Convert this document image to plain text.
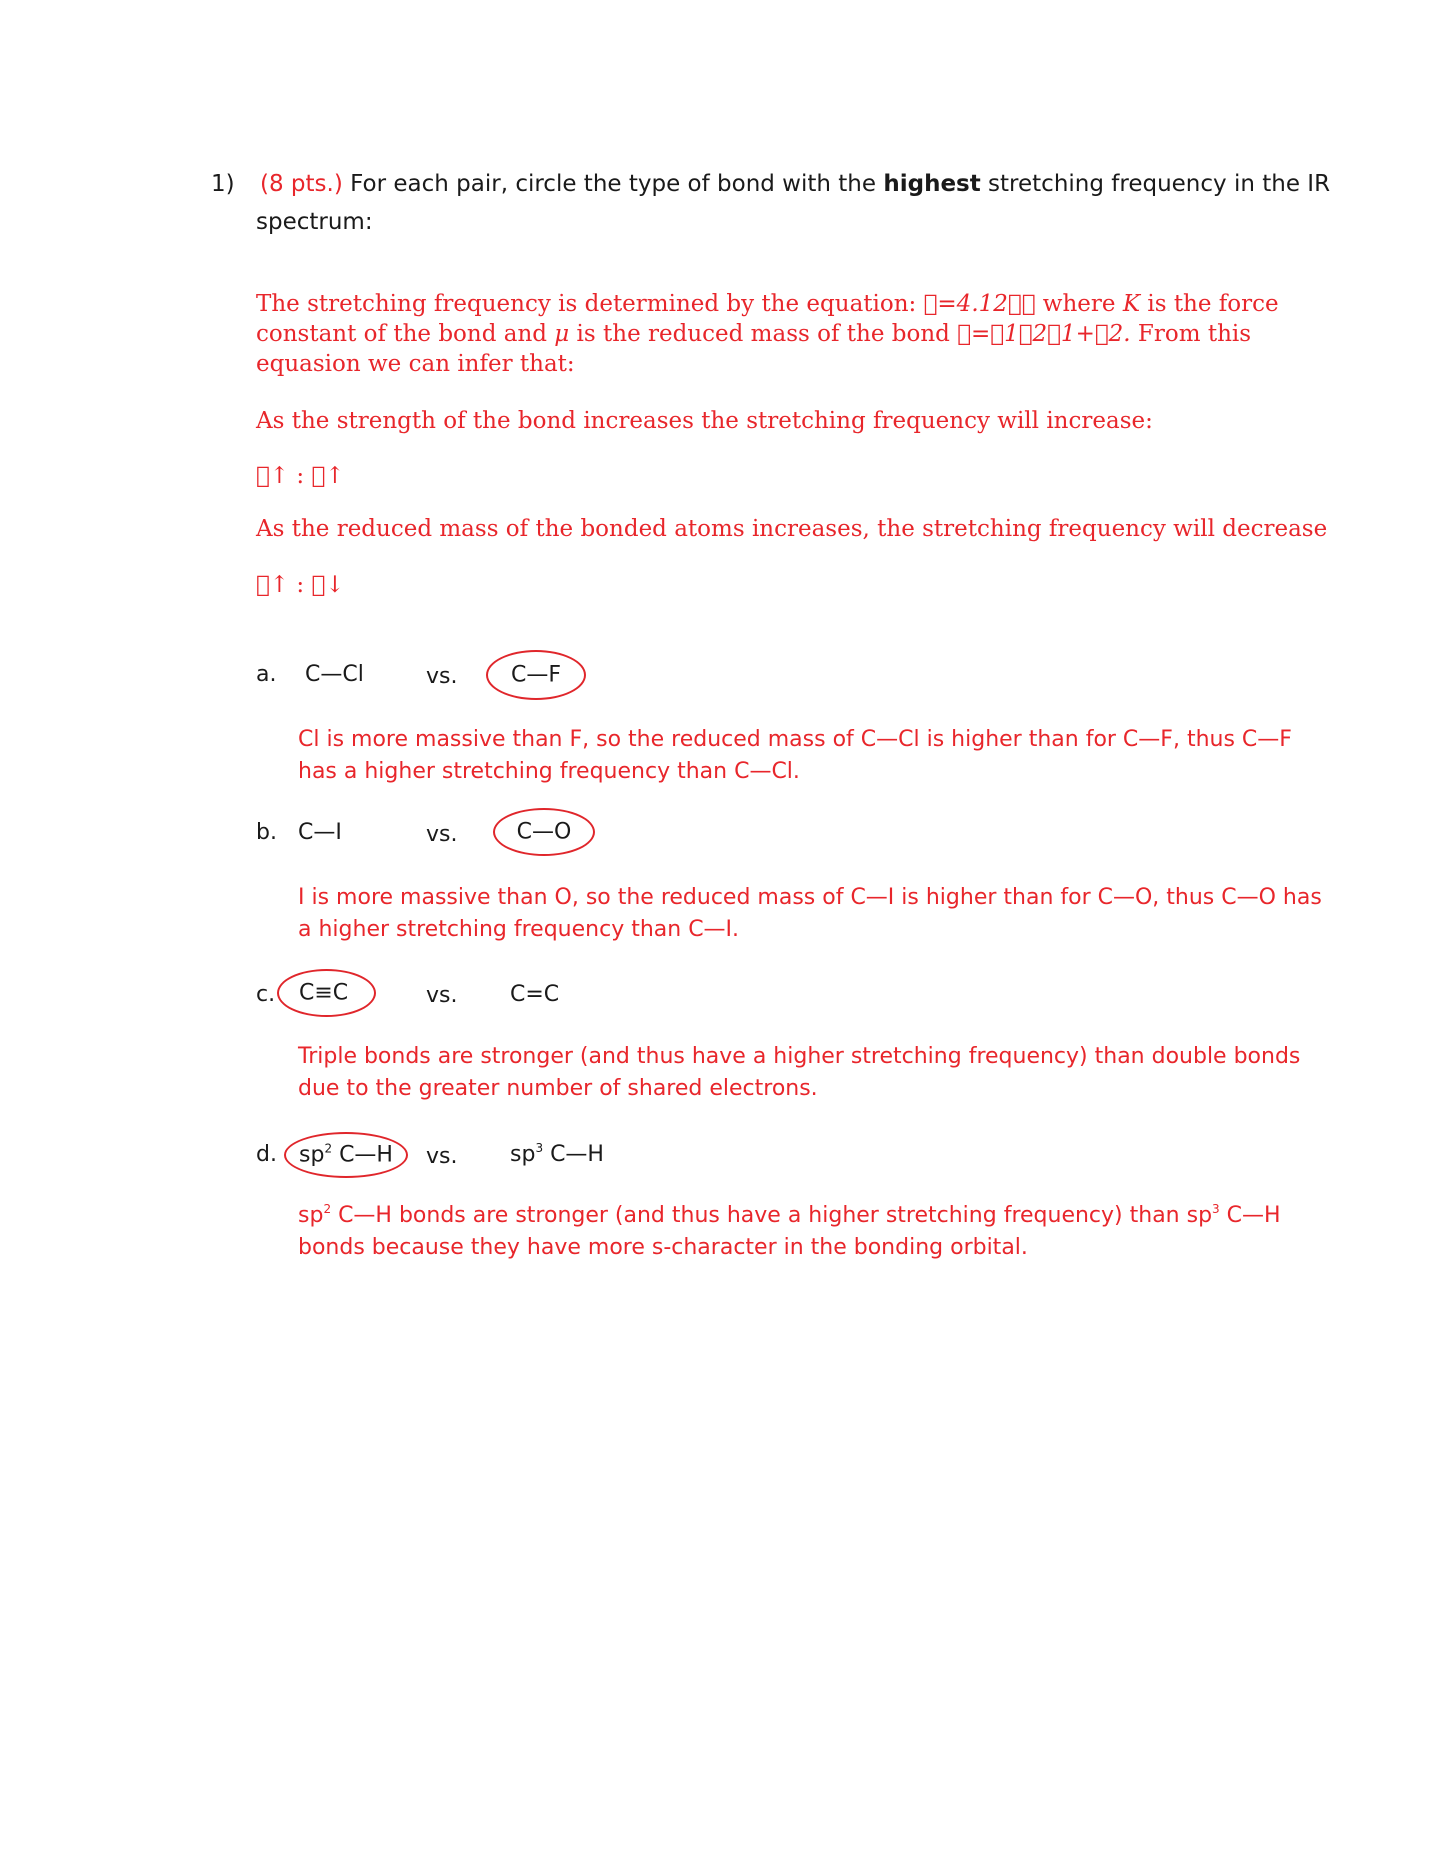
1) (8 pts.) For each pair, circle the type of bond with the highest stretching frequency in the IR
spectrum:
The stretching frequency is determined by the equation:  =4.12   where K is the force
constant of the bond and μ is the reduced mass of the bond  = 1 2 1+ 2. From this
equasion we can infer that:
As the strength of the bond increases the stretching frequency will increase:
 ↑ :  ↑
As the reduced mass of the bonded atoms increases, the stretching frequency will decrease
 ↑ :  ↓
a. C—Cl	vs.	C—F
Cl is more massive than F, so the reduced mass of C—Cl is higher than for C—F, thus C—F
has a higher stretching frequency than C—Cl.
b. C—I	vs.	C—O
I is more massive than O, so the reduced mass of C—I is higher than for C—O, thus C—O has
a higher stretching frequency than C—I.
c.	C≡C	vs. C=C
Triple bonds are stronger (and thus have a higher stretching frequency) than double bonds
due to the greater number of shared electrons.
d.	$sp^2$ C—H	vs. $sp^3$ C—H
$sp^2$ C—H bonds are stronger (and thus have a higher stretching frequency) than $sp^3$ C—H
bonds because they have more s-character in the bonding orbital.
